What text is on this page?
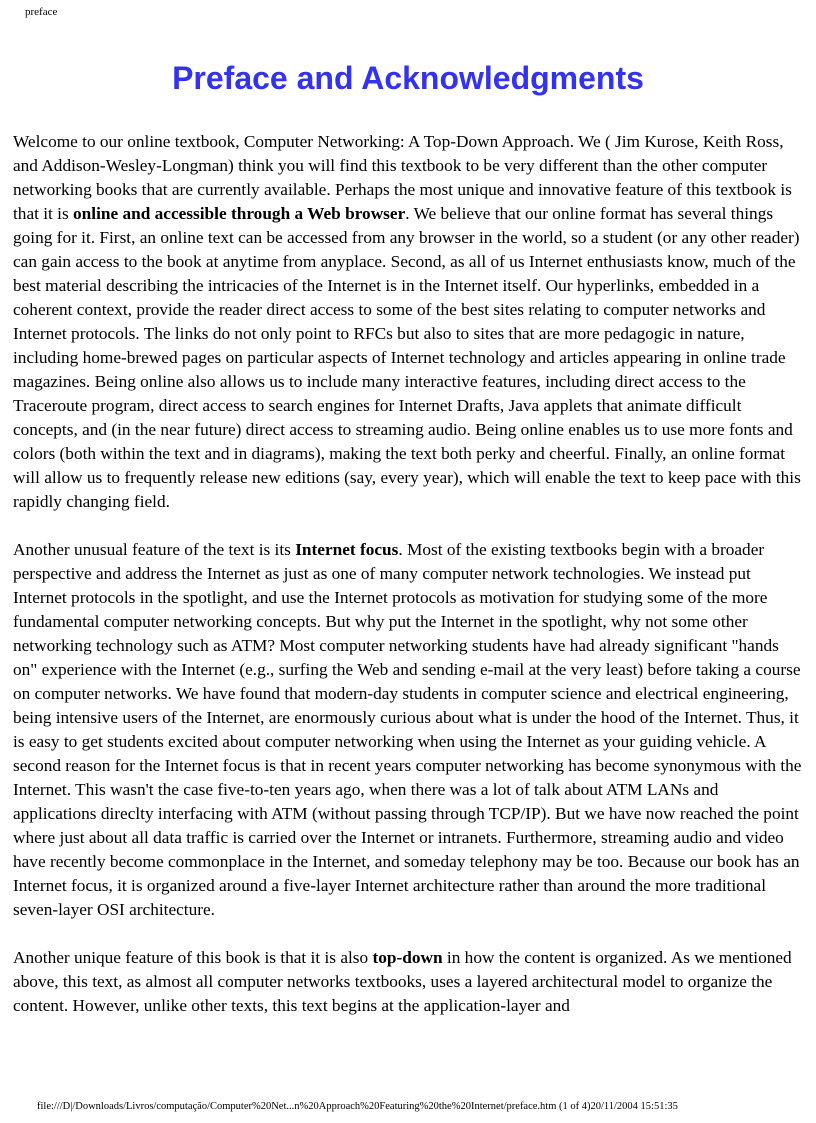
preface
Preface and Acknowledgments

Welcome to our online textbook, Computer Networking: A Top-Down Approach. We ( Jim Kurose, Keith Ross, and Addison-Wesley-Longman) think you will find this textbook to be very different than the other computer networking books that are currently available. Perhaps the most unique and innovative feature of this textbook is that it is online and accessible through a Web browser. We believe that our online format has several things going for it. First, an online text can be accessed from any browser in the world, so a student (or any other reader) can gain access to the book at anytime from anyplace. Second, as all of us Internet enthusiasts know, much of the best material describing the intricacies of the Internet is in the Internet itself. Our hyperlinks, embedded in a coherent context, provide the reader direct access to some of the best sites relating to computer networks and Internet protocols. The links do not only point to RFCs but also to sites that are more pedagogic in nature, including home-brewed pages on particular aspects of Internet technology and articles appearing in online trade magazines. Being online also allows us to include many interactive features, including direct access to the Traceroute program, direct access to search engines for Internet Drafts, Java applets that animate difficult concepts, and (in the near future) direct access to streaming audio. Being online enables us to use more fonts and colors (both within the text and in diagrams), making the text both perky and cheerful. Finally, an online format will allow us to frequently release new editions (say, every year), which will enable the text to keep pace with this rapidly changing field.

Another unusual feature of the text is its Internet focus. Most of the existing textbooks begin with a broader perspective and address the Internet as just as one of many computer network technologies. We instead put Internet protocols in the spotlight, and use the Internet protocols as motivation for studying some of the more fundamental computer networking concepts. But why put the Internet in the spotlight, why not some other networking technology such as ATM? Most computer networking students have had already significant "hands on" experience with the Internet (e.g., surfing the Web and sending e-mail at the very least) before taking a course on computer networks. We have found that modern-day students in computer science and electrical engineering, being intensive users of the Internet, are enormously curious about what is under the hood of the Internet. Thus, it is easy to get students excited about computer networking when using the Internet as your guiding vehicle. A second reason for the Internet focus is that in recent years computer networking has become synonymous with the Internet. This wasn't the case five-to-ten years ago, when there was a lot of talk about ATM LANs and applications direclty interfacing with ATM (without passing through TCP/IP). But we have now reached the point where just about all data traffic is carried over the Internet or intranets. Furthermore, streaming audio and video have recently become commonplace in the Internet, and someday telephony may be too. Because our book has an Internet focus, it is organized around a five-layer Internet architecture rather than around the more traditional seven-layer OSI architecture.

Another unique feature of this book is that it is also top-down in how the content is organized. As we mentioned above, this text, as almost all computer networks textbooks, uses a layered architectural model to organize the content. However, unlike other texts, this text begins at the application-layer and

file:///D|/Downloads/Livros/computação/Computer%20Net...n%20Approach%20Featuring%20the%20Internet/preface.htm (1 of 4)20/11/2004 15:51:35
